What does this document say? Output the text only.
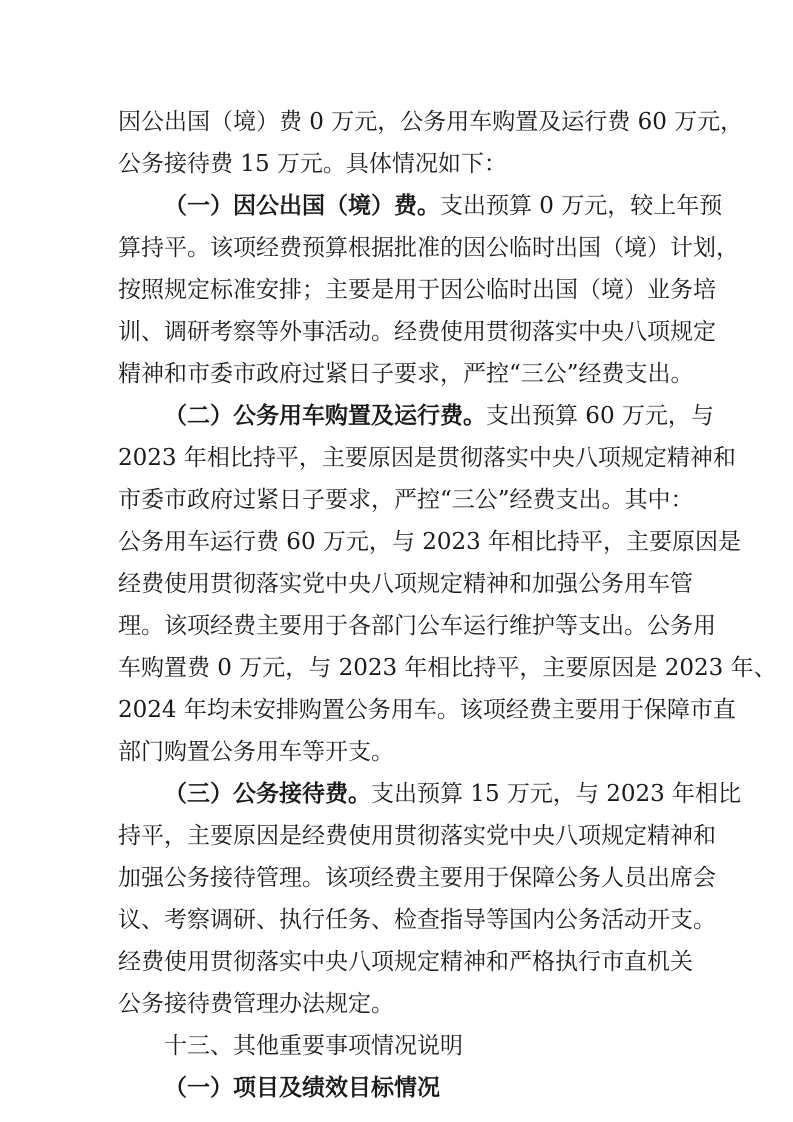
因公出国（境）费 0 万元，公务用车购置及运行费 60 万元，
公务接待费 15 万元。具体情况如下：
（一）因公出国（境）费。支出预算 0 万元，较上年预
算持平。该项经费预算根据批准的因公临时出国（境）计划，
按照规定标准安排；主要是用于因公临时出国（境）业务培
训、调研考察等外事活动。经费使用贯彻落实中央八项规定
精神和市委市政府过紧日子要求，严控“三公”经费支出。
（二）公务用车购置及运行费。支出预算 60 万元，与
2023 年相比持平，主要原因是贯彻落实中央八项规定精神和
市委市政府过紧日子要求，严控“三公”经费支出。其中：
公务用车运行费 60 万元，与 2023 年相比持平，主要原因是
经费使用贯彻落实党中央八项规定精神和加强公务用车管
理。该项经费主要用于各部门公车运行维护等支出。公务用
车购置费 0 万元，与 2023 年相比持平，主要原因是 2023 年、
2024 年均未安排购置公务用车。该项经费主要用于保障市直
部门购置公务用车等开支。
（三）公务接待费。支出预算 15 万元，与 2023 年相比
持平，主要原因是经费使用贯彻落实党中央八项规定精神和
加强公务接待管理。该项经费主要用于保障公务人员出席会
议、考察调研、执行任务、检查指导等国内公务活动开支。
经费使用贯彻落实中央八项规定精神和严格执行市直机关
公务接待费管理办法规定。
十三、其他重要事项情况说明
（一）项目及绩效目标情况
